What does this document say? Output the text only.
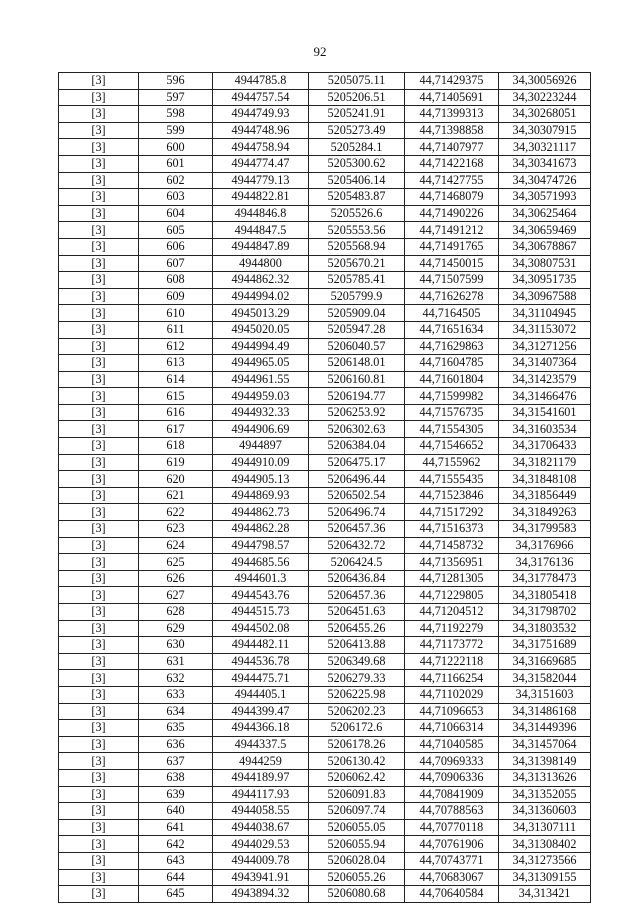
92
[3]	596	4944785.8	5205075.11	44,71429375	34,30056926
[3]	597	4944757.54	5205206.51	44,71405691	34,30223244
[3]	598	4944749.93	5205241.91	44,71399313	34,30268051
[3]	599	4944748.96	5205273.49	44,71398858	34,30307915
[3]	600	4944758.94	5205284.1	44,71407977	34,30321117
[3]	601	4944774.47	5205300.62	44,71422168	34,30341673
[3]	602	4944779.13	5205406.14	44,71427755	34,30474726
[3]	603	4944822.81	5205483.87	44,71468079	34,30571993
[3]	604	4944846.8	5205526.6	44,71490226	34,30625464
[3]	605	4944847.5	5205553.56	44,71491212	34,30659469
[3]	606	4944847.89	5205568.94	44,71491765	34,30678867
[3]	607	4944800	5205670.21	44,71450015	34,30807531
[3]	608	4944862.32	5205785.41	44,71507599	34,30951735
[3]	609	4944994.02	5205799.9	44,71626278	34,30967588
[3]	610	4945013.29	5205909.04	44,7164505	34,31104945
[3]	611	4945020.05	5205947.28	44,71651634	34,31153072
[3]	612	4944994.49	5206040.57	44,71629863	34,31271256
[3]	613	4944965.05	5206148.01	44,71604785	34,31407364
[3]	614	4944961.55	5206160.81	44,71601804	34,31423579
[3]	615	4944959.03	5206194.77	44,71599982	34,31466476
[3]	616	4944932.33	5206253.92	44,71576735	34,31541601
[3]	617	4944906.69	5206302.63	44,71554305	34,31603534
[3]	618	4944897	5206384.04	44,71546652	34,31706433
[3]	619	4944910.09	5206475.17	44,7155962	34,31821179
[3]	620	4944905.13	5206496.44	44,71555435	34,31848108
[3]	621	4944869.93	5206502.54	44,71523846	34,31856449
[3]	622	4944862.73	5206496.74	44,71517292	34,31849263
[3]	623	4944862.28	5206457.36	44,71516373	34,31799583
[3]	624	4944798.57	5206432.72	44,71458732	34,3176966
[3]	625	4944685.56	5206424.5	44,71356951	34,3176136
[3]	626	4944601.3	5206436.84	44,71281305	34,31778473
[3]	627	4944543.76	5206457.36	44,71229805	34,31805418
[3]	628	4944515.73	5206451.63	44,71204512	34,31798702
[3]	629	4944502.08	5206455.26	44,71192279	34,31803532
[3]	630	4944482.11	5206413.88	44,71173772	34,31751689
[3]	631	4944536.78	5206349.68	44,71222118	34,31669685
[3]	632	4944475.71	5206279.33	44,71166254	34,31582044
[3]	633	4944405.1	5206225.98	44,71102029	34,3151603
[3]	634	4944399.47	5206202.23	44,71096653	34,31486168
[3]	635	4944366.18	5206172.6	44,71066314	34,31449396
[3]	636	4944337.5	5206178.26	44,71040585	34,31457064
[3]	637	4944259	5206130.42	44,70969333	34,31398149
[3]	638	4944189.97	5206062.42	44,70906336	34,31313626
[3]	639	4944117.93	5206091.83	44,70841909	34,31352055
[3]	640	4944058.55	5206097.74	44,70788563	34,31360603
[3]	641	4944038.67	5206055.05	44,70770118	34,31307111
[3]	642	4944029.53	5206055.94	44,70761906	34,31308402
[3]	643	4944009.78	5206028.04	44,70743771	34,31273566
[3]	644	4943941.91	5206055.26	44,70683067	34,31309155
[3]	645	4943894.32	5206080.68	44,70640584	34,313421
